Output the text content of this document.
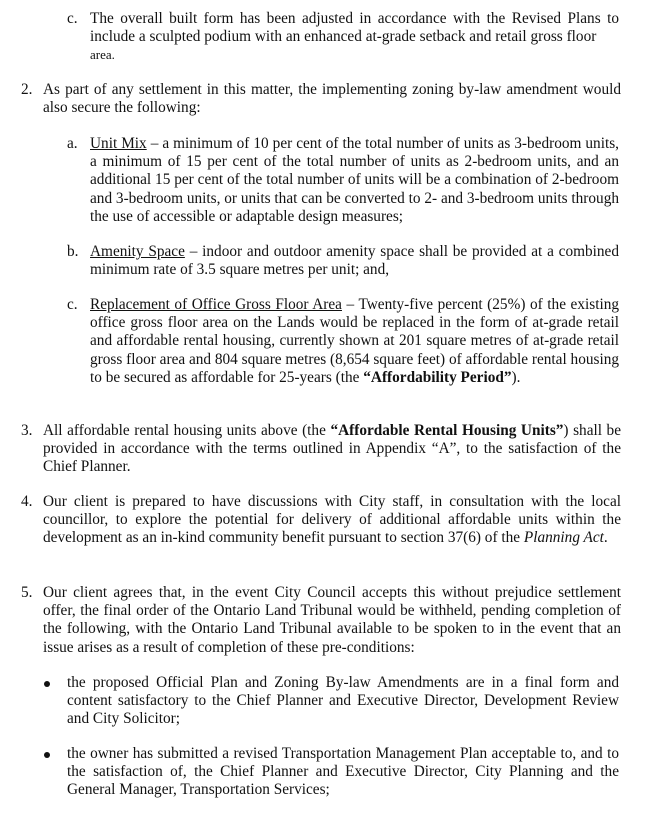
c. The overall built form has been adjusted in accordance with the Revised Plans to include a sculpted podium with an enhanced at-grade setback and retail gross floor
area.
2. As part of any settlement in this matter, the implementing zoning by-law amendment would also secure the following:
a. Unit Mix – a minimum of 10 per cent of the total number of units as 3-bedroom units, a minimum of 15 per cent of the total number of units as 2-bedroom units, and an additional 15 per cent of the total number of units will be a combination of 2-bedroom and 3-bedroom units, or units that can be converted to 2- and 3-bedroom units through the use of accessible or adaptable design measures;
b. Amenity Space – indoor and outdoor amenity space shall be provided at a combined minimum rate of 3.5 square metres per unit; and,
c. Replacement of Office Gross Floor Area – Twenty-five percent (25%) of the existing office gross floor area on the Lands would be replaced in the form of at-grade retail and affordable rental housing, currently shown at 201 square metres of at-grade retail gross floor area and 804 square metres (8,654 square feet) of affordable rental housing to be secured as affordable for 25-years (the “Affordability Period”).
3. All affordable rental housing units above (the “Affordable Rental Housing Units”) shall be provided in accordance with the terms outlined in Appendix “A”, to the satisfaction of the Chief Planner.
4. Our client is prepared to have discussions with City staff, in consultation with the local councillor, to explore the potential for delivery of additional affordable units within the development as an in-kind community benefit pursuant to section 37(6) of the Planning Act.
5. Our client agrees that, in the event City Council accepts this without prejudice settlement offer, the final order of the Ontario Land Tribunal would be withheld, pending completion of the following, with the Ontario Land Tribunal available to be spoken to in the event that an issue arises as a result of completion of these pre-conditions:
the proposed Official Plan and Zoning By-law Amendments are in a final form and content satisfactory to the Chief Planner and Executive Director, Development Review and City Solicitor;
the owner has submitted a revised Transportation Management Plan acceptable to, and to the satisfaction of, the Chief Planner and Executive Director, City Planning and the General Manager, Transportation Services;
